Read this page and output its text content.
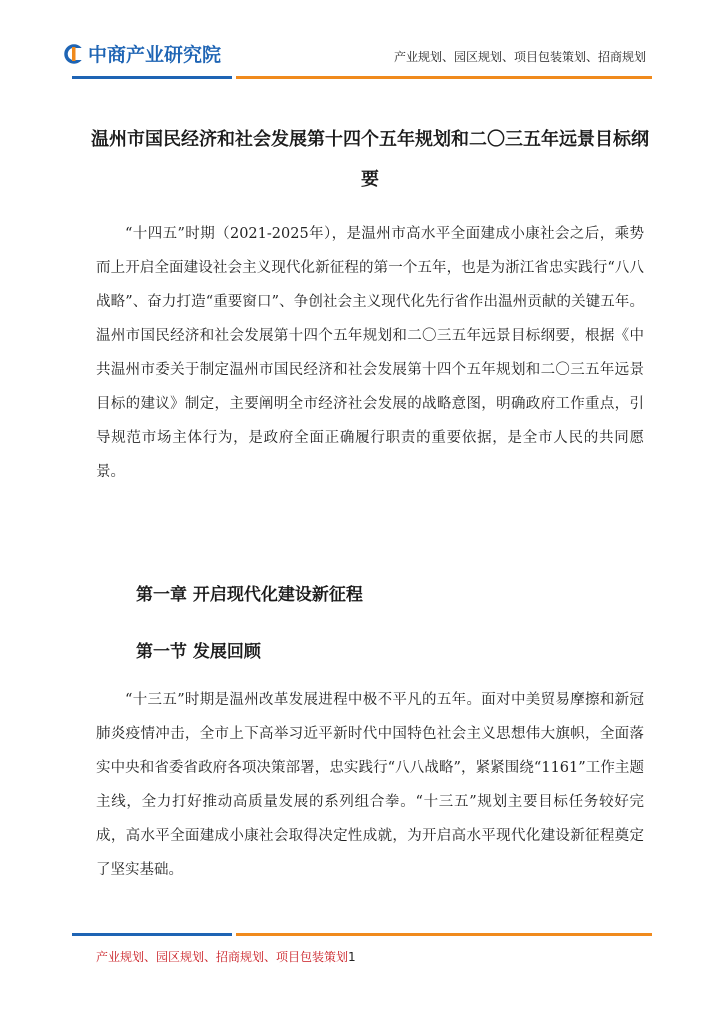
中商产业研究院	产业规划、园区规划、项目包装策划、招商规划
温州市国民经济和社会发展第十四个五年规划和二〇三五年远景目标纲要
“十四五”时期（2021-2025年），是温州市高水平全面建成小康社会之后，乘势而上开启全面建设社会主义现代化新征程的第一个五年，也是为浙江省忠实践行“八八战略”、奋力打造“重要窗口”、争创社会主义现代化先行省作出温州贡献的关键五年。温州市国民经济和社会发展第十四个五年规划和二〇三五年远景目标纲要，根据《中共温州市委关于制定温州市国民经济和社会发展第十四个五年规划和二〇三五年远景目标的建议》制定，主要阐明全市经济社会发展的战略意图，明确政府工作重点，引导规范市场主体行为，是政府全面正确履行职责的重要依据，是全市人民的共同愿景。
第一章 开启现代化建设新征程
第一节 发展回顾
“十三五”时期是温州改革发展进程中极不平凡的五年。面对中美贸易摩擦和新冠肺炎疫情冲击，全市上下高举习近平新时代中国特色社会主义思想伟大旗帜，全面落实中央和省委省政府各项决策部署，忠实践行“八八战略”，紧紧围绕“1161”工作主题主线，全力打好推动高质量发展的系列组合拳。“十三五”规划主要目标任务较好完成，高水平全面建成小康社会取得决定性成就，为开启高水平现代化建设新征程奠定了坚实基础。
产业规划、园区规划、招商规划、项目包装策划1
